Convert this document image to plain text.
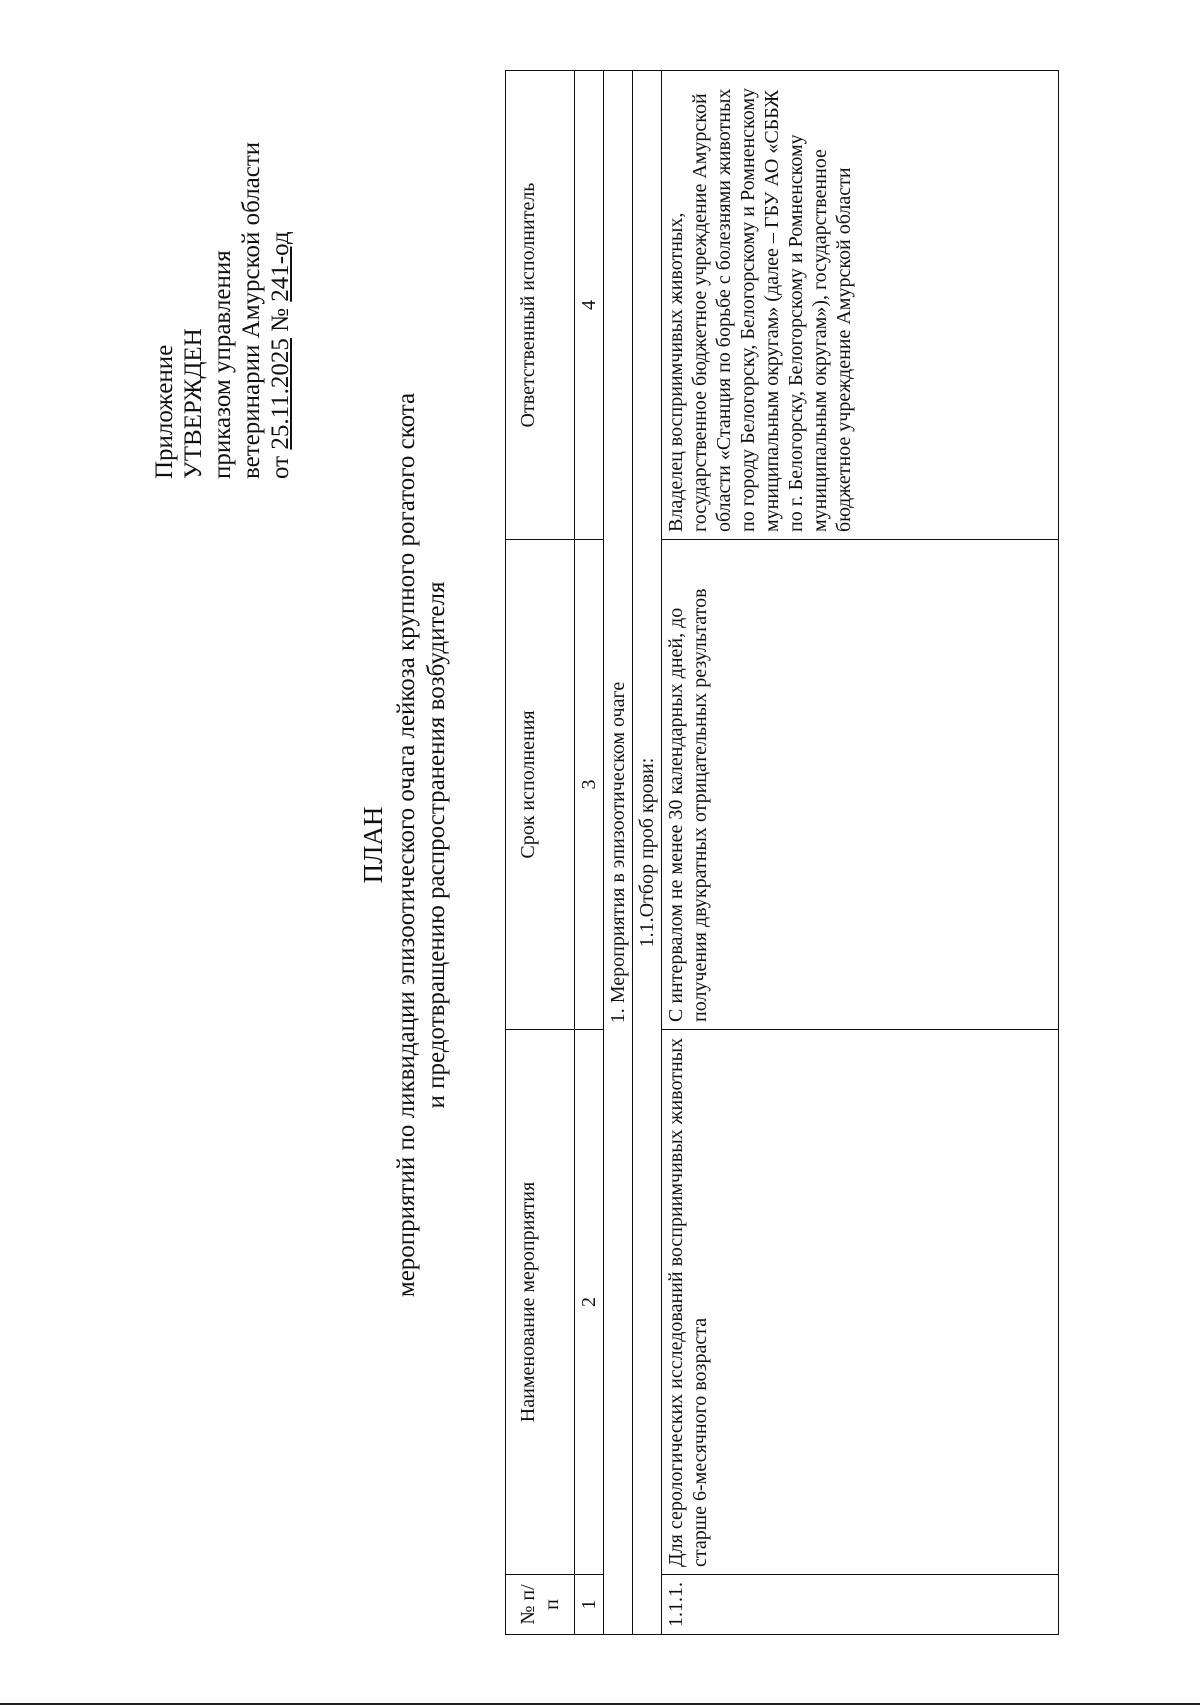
Приложение УТВЕРЖДЕН приказом управления ветеринарии Амурской области от 25.11.2025 № 241-од
ПЛАН мероприятий по ликвидации эпизоотического очага лейкоза крупного рогатого скота и предотвращению распространения возбудителя
№ п/п	Наименование мероприятия	Срок исполнения	Ответственный исполнитель
1	2	3	4
1. Мероприятия в эпизоотическом очаге			
1.1.Отбор проб крови:			
1.1.1.	Для серологических исследований восприимчивых животных старше 6-месячного возраста	С интервалом не менее 30 календарных дней, до получения двукратных отрицательных результатов	Владелец восприимчивых животных, государственное бюджетное учреждение Амурской области «Станция по борьбе с болезнями животных по городу Белогорску, Белогорскому и Ромненскому муниципальным округам» (далее – ГБУ АО «СББЖ по г. Белогорску, Белогорскому и Ромненскому муниципальным округам»), государственное бюджетное учреждение Амурской области
